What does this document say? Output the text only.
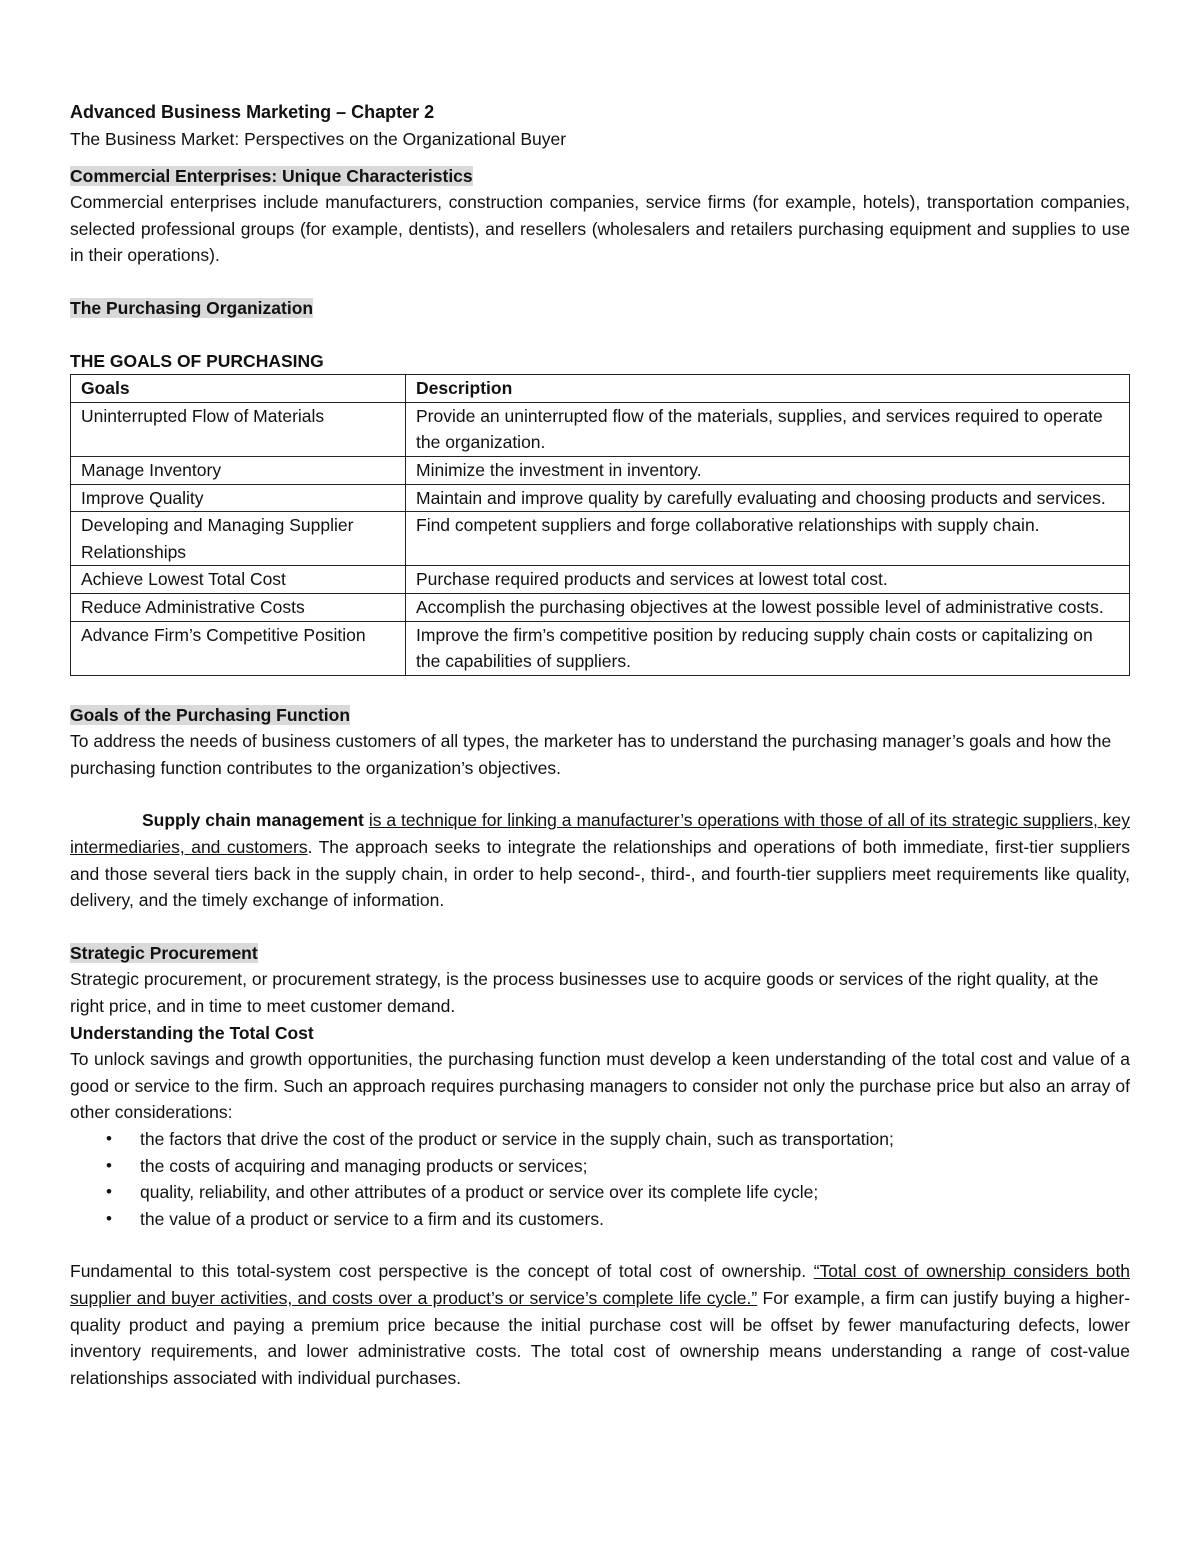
Advanced Business Marketing – Chapter 2
The Business Market: Perspectives on the Organizational Buyer
Commercial Enterprises: Unique Characteristics
Commercial enterprises include manufacturers, construction companies, service firms (for example, hotels), transportation companies, selected professional groups (for example, dentists), and resellers (wholesalers and retailers purchasing equipment and supplies to use in their operations).
The Purchasing Organization
THE GOALS OF PURCHASING
Goals	Description
Uninterrupted Flow of Materials	Provide an uninterrupted flow of the materials, supplies, and services required to operate the organization.
Manage Inventory	Minimize the investment in inventory.
Improve Quality	Maintain and improve quality by carefully evaluating and choosing products and services.
Developing and Managing Supplier Relationships	Find competent suppliers and forge collaborative relationships with supply chain.
Achieve Lowest Total Cost	Purchase required products and services at lowest total cost.
Reduce Administrative Costs	Accomplish the purchasing objectives at the lowest possible level of administrative costs.
Advance Firm’s Competitive Position	Improve the firm’s competitive position by reducing supply chain costs or capitalizing on the capabilities of suppliers.
Goals of the Purchasing Function
To address the needs of business customers of all types, the marketer has to understand the purchasing manager’s goals and how the purchasing function contributes to the organization’s objectives.
Supply chain management is a technique for linking a manufacturer’s operations with those of all of its strategic suppliers, key intermediaries, and customers. The approach seeks to integrate the relationships and operations of both immediate, first-tier suppliers and those several tiers back in the supply chain, in order to help second-, third-, and fourth-tier suppliers meet requirements like quality, delivery, and the timely exchange of information.
Strategic Procurement
Strategic procurement, or procurement strategy, is the process businesses use to acquire goods or services of the right quality, at the right price, and in time to meet customer demand.
Understanding the Total Cost
To unlock savings and growth opportunities, the purchasing function must develop a keen understanding of the total cost and value of a good or service to the firm. Such an approach requires purchasing managers to consider not only the purchase price but also an array of other considerations:
• the factors that drive the cost of the product or service in the supply chain, such as transportation;
• the costs of acquiring and managing products or services;
• quality, reliability, and other attributes of a product or service over its complete life cycle;
• the value of a product or service to a firm and its customers.
Fundamental to this total-system cost perspective is the concept of total cost of ownership. “Total cost of ownership considers both supplier and buyer activities, and costs over a product’s or service’s complete life cycle.” For example, a firm can justify buying a higher-quality product and paying a premium price because the initial purchase cost will be offset by fewer manufacturing defects, lower inventory requirements, and lower administrative costs. The total cost of ownership means understanding a range of cost-value relationships associated with individual purchases.
